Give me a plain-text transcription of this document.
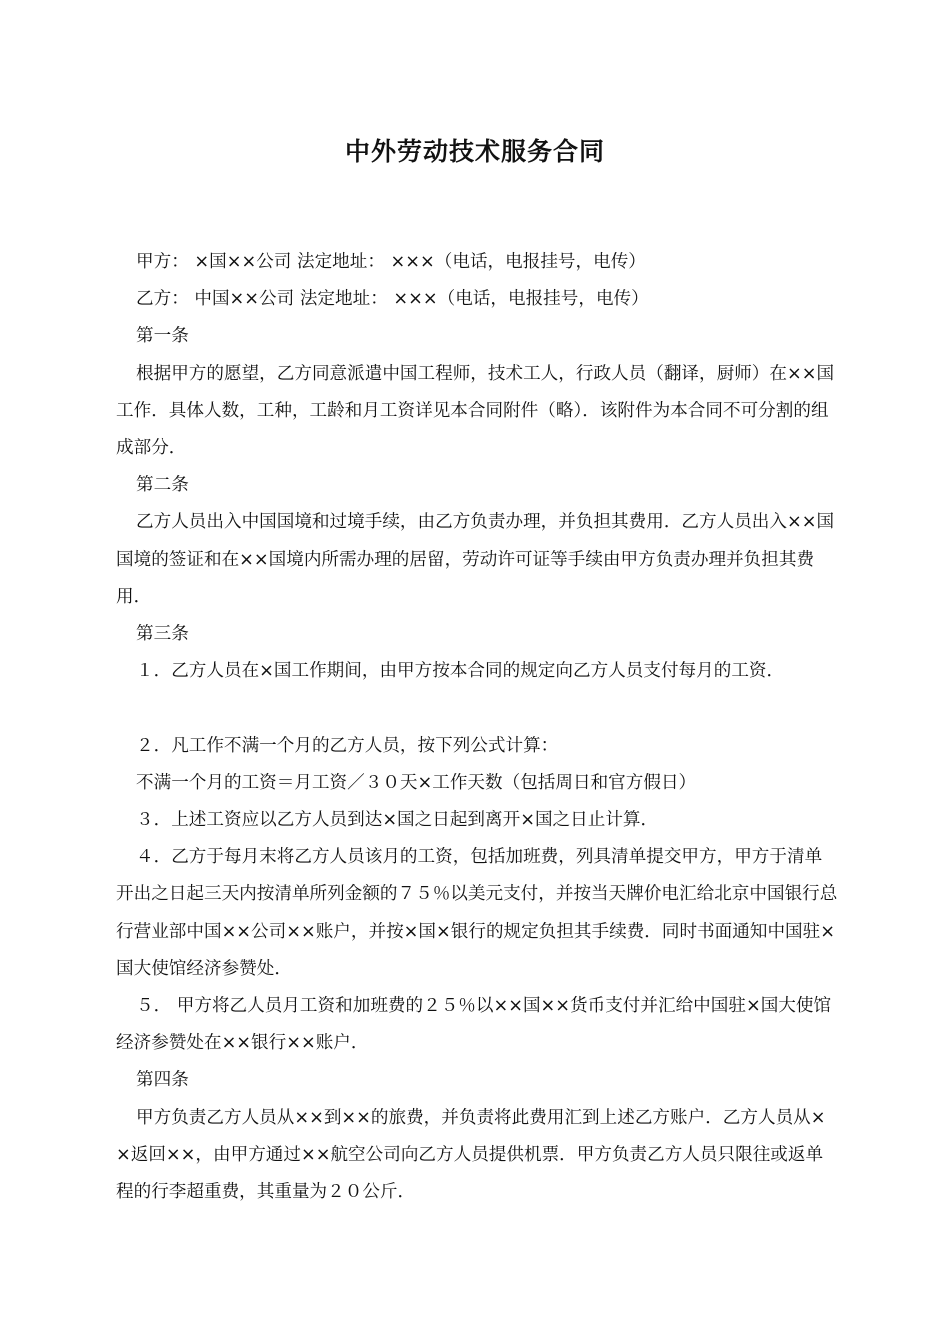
中外劳动技术服务合同

甲方： ×国××公司 法定地址： ×××（电话，电报挂号，电传）

乙方： 中国××公司 法定地址： ×××（电话，电报挂号，电传）

第一条

根据甲方的愿望，乙方同意派遣中国工程师，技术工人，行政人员（翻译，厨师）在××国工作．具体人数，工种，工龄和月工资详见本合同附件（略）．该附件为本合同不可分割的组成部分．

第二条

乙方人员出入中国国境和过境手续，由乙方负责办理，并负担其费用．乙方人员出入××国国境的签证和在××国境内所需办理的居留，劳动许可证等手续由甲方负责办理并负担其费用．

第三条

１．乙方人员在×国工作期间，由甲方按本合同的规定向乙方人员支付每月的工资．

２．凡工作不满一个月的乙方人员，按下列公式计算：

不满一个月的工资＝月工资／３０天×工作天数（包括周日和官方假日）

３．上述工资应以乙方人员到达×国之日起到离开×国之日止计算．

４．乙方于每月末将乙方人员该月的工资，包括加班费，列具清单提交甲方，甲方于清单开出之日起三天内按清单所列金额的７５％以美元支付，并按当天牌价电汇给北京中国银行总行营业部中国××公司××账户，并按×国×银行的规定负担其手续费．同时书面通知中国驻×国大使馆经济参赞处．

５． 甲方将乙人员月工资和加班费的２５％以××国××货币支付并汇给中国驻×国大使馆经济参赞处在××银行××账户．

第四条

甲方负责乙方人员从××到××的旅费，并负责将此费用汇到上述乙方账户．乙方人员从××返回××，由甲方通过××航空公司向乙方人员提供机票．甲方负责乙方人员只限往或返单程的行李超重费，其重量为２０公斤．
